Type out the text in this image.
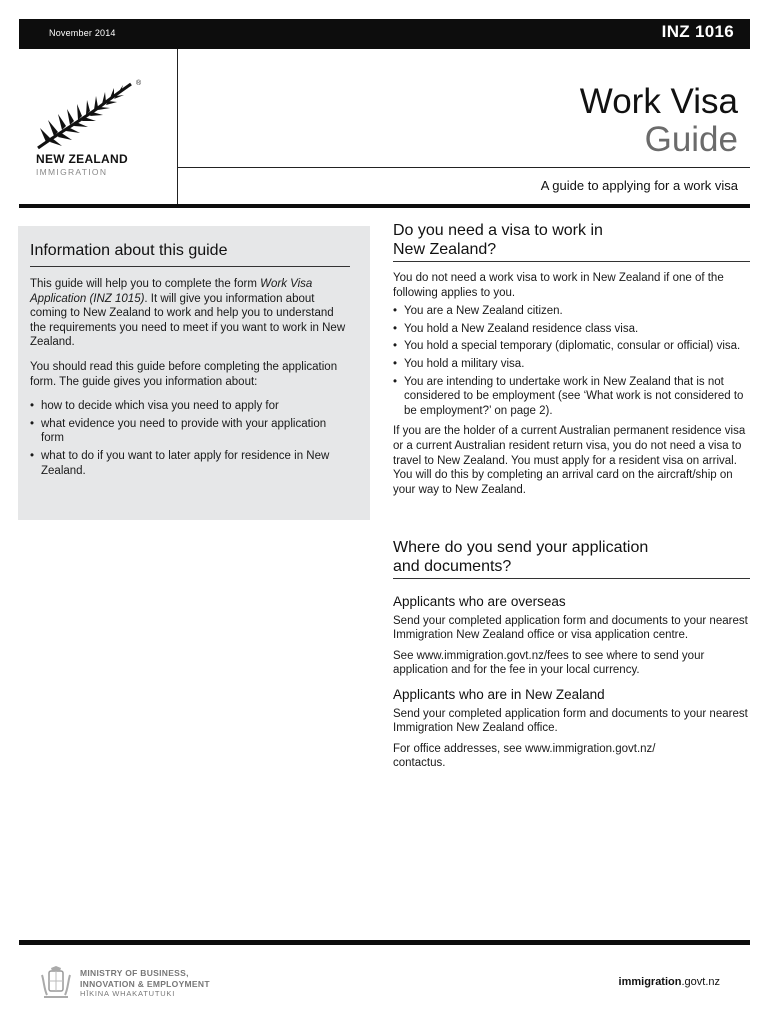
November 2014	INZ 1016
®
NEW ZEALAND
IMMIGRATION
Work Visa
Guide
A guide to applying for a work visa
Information about this guide

This guide will help you to complete the form Work Visa Application (INZ 1015). It will give you information about coming to New Zealand to work and help you to understand the requirements you need to meet if you want to work in New Zealand.

You should read this guide before completing the application form. The guide gives you information about:

• how to decide which visa you need to apply for
• what evidence you need to provide with your application form
• what to do if you want to later apply for residence in New Zealand.
Do you need a visa to work in
New Zealand?

You do not need a work visa to work in New Zealand if one of the following applies to you.

• You are a New Zealand citizen.
• You hold a New Zealand residence class visa.
• You hold a special temporary (diplomatic, consular or official) visa.
• You hold a military visa.
• You are intending to undertake work in New Zealand that is not considered to be employment (see ‘What work is not considered to be employment?’ on page 2).

If you are the holder of a current Australian permanent residence visa or a current Australian resident return visa, you do not need a visa to travel to New Zealand. You must apply for a resident visa on arrival. You will do this by completing an arrival card on the aircraft/ship on your way to New Zealand.

Where do you send your application
and documents?
Applicants who are overseas

Send your completed application form and documents to your nearest Immigration New Zealand office or visa application centre.

See www.immigration.govt.nz/fees to see where to send your application and for the fee in your local currency.

Applicants who are in New Zealand

Send your completed application form and documents to your nearest Immigration New Zealand office.

For office addresses, see www.immigration.govt.nz/ contactus.

MINISTRY OF BUSINESS,
INNOVATION & EMPLOYMENT
HĪKINA WHAKATUTUKI
immigration.govt.nz
